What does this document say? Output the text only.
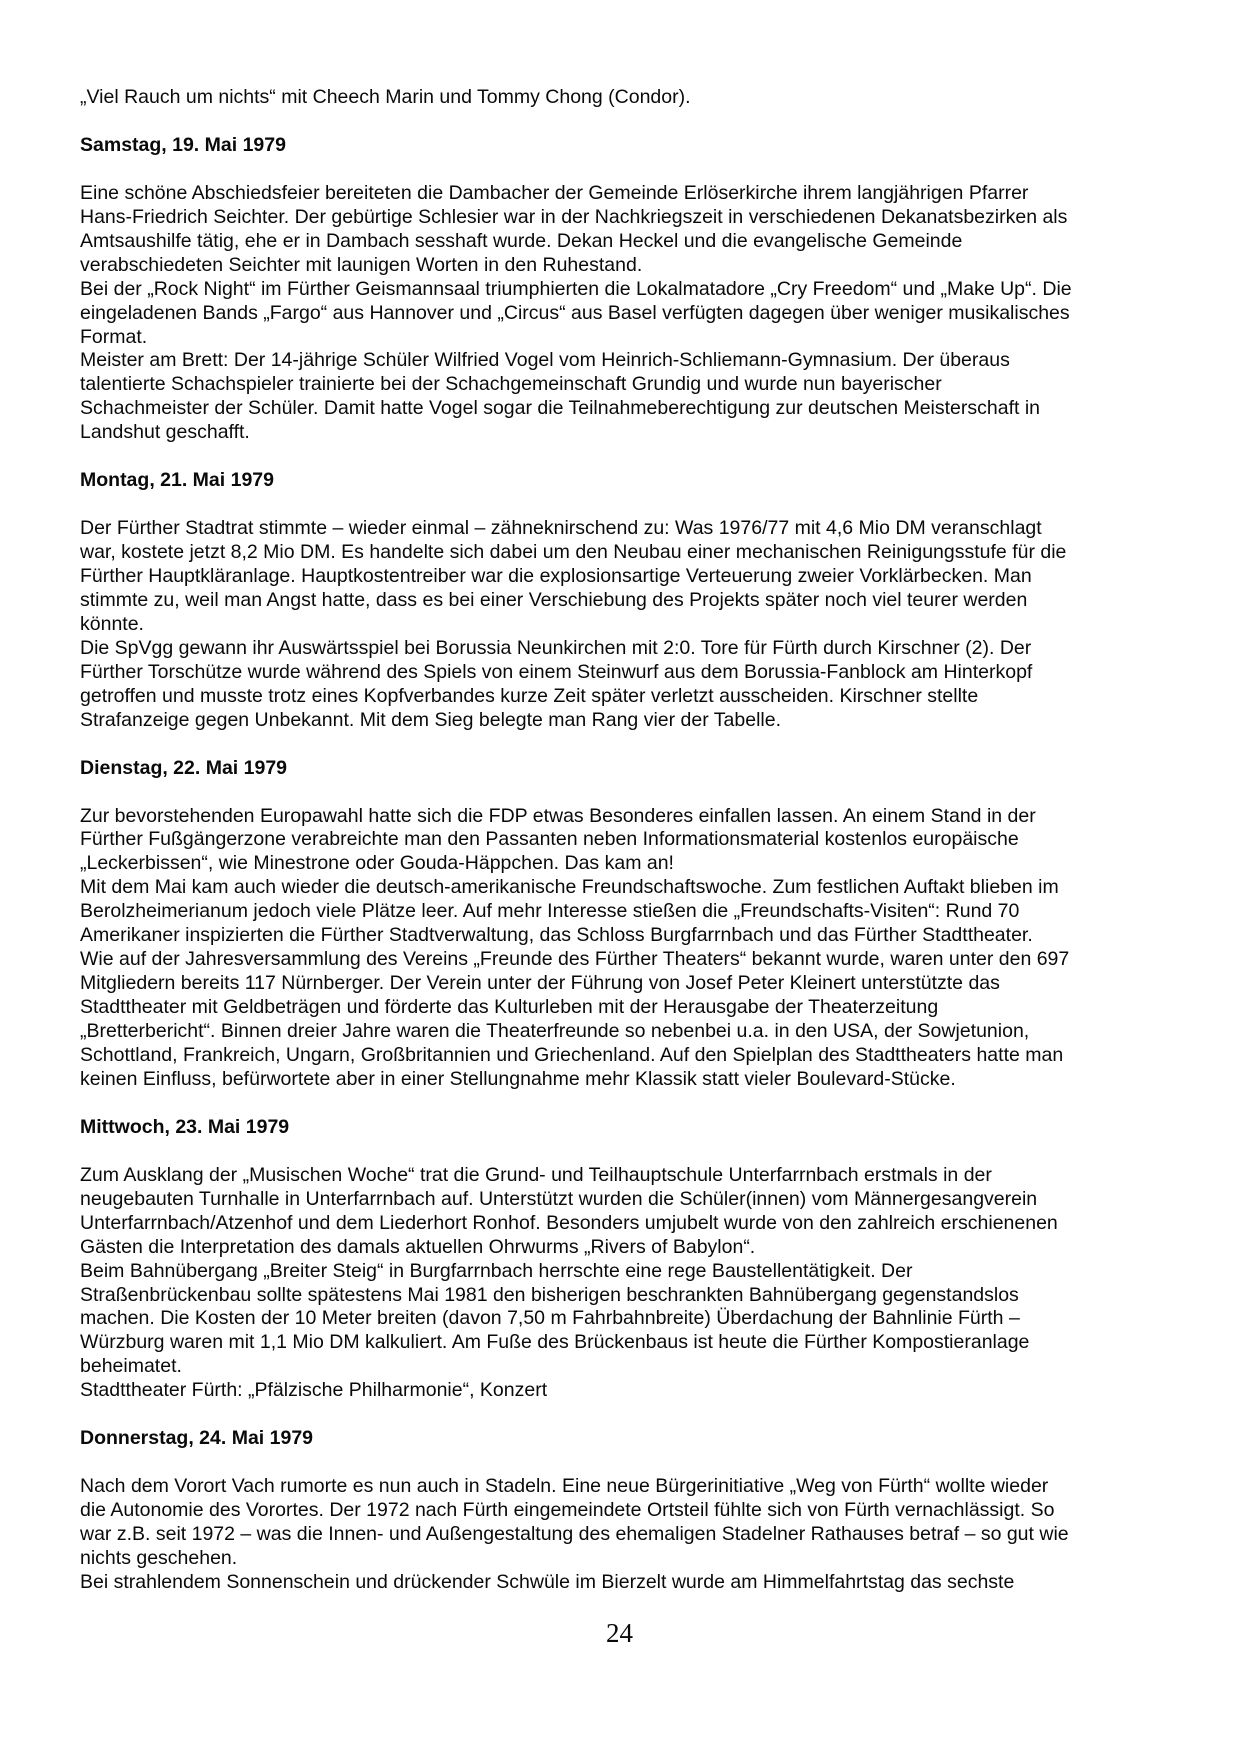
„Viel Rauch um nichts“ mit Cheech Marin und Tommy Chong (Condor).
Samstag, 19. Mai 1979
Eine schöne Abschiedsfeier bereiteten die Dambacher der Gemeinde Erlöserkirche ihrem langjährigen Pfarrer
Hans-Friedrich Seichter. Der gebürtige Schlesier war in der Nachkriegszeit in verschiedenen Dekanatsbezirken als
Amtsaushilfe tätig, ehe er in Dambach sesshaft wurde. Dekan Heckel und die evangelische Gemeinde
verabschiedeten Seichter mit launigen Worten in den Ruhestand.
Bei der „Rock Night“ im Fürther Geismannsaal triumphierten die Lokalmatadore „Cry Freedom“ und „Make Up“. Die
eingeladenen Bands „Fargo“ aus Hannover und „Circus“ aus Basel verfügten dagegen über weniger musikalisches
Format.
Meister am Brett: Der 14-jährige Schüler Wilfried Vogel vom Heinrich-Schliemann-Gymnasium. Der überaus
talentierte Schachspieler trainierte bei der Schachgemeinschaft Grundig und wurde nun bayerischer
Schachmeister der Schüler. Damit hatte Vogel sogar die Teilnahmeberechtigung zur deutschen Meisterschaft in
Landshut geschafft.
Montag, 21. Mai 1979
Der Fürther Stadtrat stimmte – wieder einmal – zähneknirschend zu: Was 1976/77 mit 4,6 Mio DM veranschlagt
war, kostete jetzt 8,2 Mio DM. Es handelte sich dabei um den Neubau einer mechanischen Reinigungsstufe für die
Fürther Hauptkläranlage. Hauptkostentreiber war die explosionsartige Verteuerung zweier Vorklärbecken. Man
stimmte zu, weil man Angst hatte, dass es bei einer Verschiebung des Projekts später noch viel teurer werden
könnte.
Die SpVgg gewann ihr Auswärtsspiel bei Borussia Neunkirchen mit 2:0. Tore für Fürth durch Kirschner (2). Der
Fürther Torschütze wurde während des Spiels von einem Steinwurf aus dem Borussia-Fanblock am Hinterkopf
getroffen und musste trotz eines Kopfverbandes kurze Zeit später verletzt ausscheiden. Kirschner stellte
Strafanzeige gegen Unbekannt. Mit dem Sieg belegte man Rang vier der Tabelle.
Dienstag, 22. Mai 1979
Zur bevorstehenden Europawahl hatte sich die FDP etwas Besonderes einfallen lassen. An einem Stand in der
Fürther Fußgängerzone verabreichte man den Passanten neben Informationsmaterial kostenlos europäische
„Leckerbissen“, wie Minestrone oder Gouda-Häppchen. Das kam an!
Mit dem Mai kam auch wieder die deutsch-amerikanische Freundschaftswoche. Zum festlichen Auftakt blieben im
Berolzheimerianum jedoch viele Plätze leer. Auf mehr Interesse stießen die „Freundschafts-Visiten“: Rund 70
Amerikaner inspizierten die Fürther Stadtverwaltung, das Schloss Burgfarrnbach und das Fürther Stadttheater.
Wie auf der Jahresversammlung des Vereins „Freunde des Fürther Theaters“ bekannt wurde, waren unter den 697
Mitgliedern bereits 117 Nürnberger. Der Verein unter der Führung von Josef Peter Kleinert unterstützte das
Stadttheater mit Geldbeträgen und förderte das Kulturleben mit der Herausgabe der Theaterzeitung
„Bretterbericht“. Binnen dreier Jahre waren die Theaterfreunde so nebenbei u.a. in den USA, der Sowjetunion,
Schottland, Frankreich, Ungarn, Großbritannien und Griechenland. Auf den Spielplan des Stadttheaters hatte man
keinen Einfluss, befürwortete aber in einer Stellungnahme mehr Klassik statt vieler Boulevard-Stücke.
Mittwoch, 23. Mai 1979
Zum Ausklang der „Musischen Woche“ trat die Grund- und Teilhauptschule Unterfarrnbach erstmals in der
neugebauten Turnhalle in Unterfarrnbach auf. Unterstützt wurden die Schüler(innen) vom Männergesangverein
Unterfarrnbach/Atzenhof und dem Liederhort Ronhof. Besonders umjubelt wurde von den zahlreich erschienenen
Gästen die Interpretation des damals aktuellen Ohrwurms „Rivers of Babylon“.
Beim Bahnübergang „Breiter Steig“ in Burgfarrnbach herrschte eine rege Baustellentätigkeit. Der
Straßenbrückenbau sollte spätestens Mai 1981 den bisherigen beschrankten Bahnübergang gegenstandslos
machen. Die Kosten der 10 Meter breiten (davon 7,50 m Fahrbahnbreite) Überdachung der Bahnlinie Fürth –
Würzburg waren mit 1,1 Mio DM kalkuliert. Am Fuße des Brückenbaus ist heute die Fürther Kompostieranlage
beheimatet.
Stadttheater Fürth: „Pfälzische Philharmonie“, Konzert
Donnerstag, 24. Mai 1979
Nach dem Vorort Vach rumorte es nun auch in Stadeln. Eine neue Bürgerinitiative „Weg von Fürth“ wollte wieder
die Autonomie des Vorortes. Der 1972 nach Fürth eingemeindete Ortsteil fühlte sich von Fürth vernachlässigt. So
war z.B. seit 1972 – was die Innen- und Außengestaltung des ehemaligen Stadelner Rathauses betraf – so gut wie
nichts geschehen.
Bei strahlendem Sonnenschein und drückender Schwüle im Bierzelt wurde am Himmelfahrtstag das sechste
24
